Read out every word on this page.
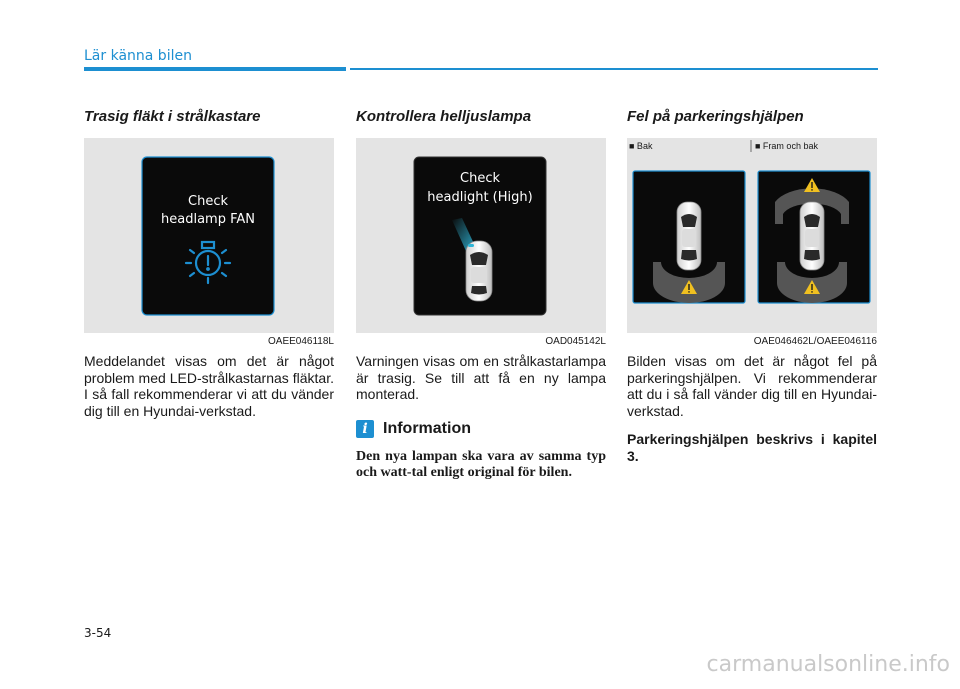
Lär känna bilen
Trasig fläkt i strålkastare
Check
headlamp FAN
OAEE046118L

Meddelandet visas om det är något problem med LED-strålkastarnas fläktar. I så fall rekommenderar vi att du vänder dig till en Hyundai-verkstad.

Kontrollera helljuslampa
Check
headlight (High)
OAD045142L

Varningen visas om en strålkastarlampa är trasig. Se till att få en ny lampa monterad.

i Information

Den nya lampan ska vara av samma typ och watt-tal enligt original för bilen.

Fel på parkeringshjälpen
■ Bak	■ Fram och bak
OAE046462L/OAEE046116

Bilden visas om det är något fel på parkeringshjälpen. Vi rekommenderar att du i så fall vänder dig till en Hyundai-verkstad.

Parkeringshjälpen beskrivs i kapitel 3.

3-54
carmanualsonline.info
